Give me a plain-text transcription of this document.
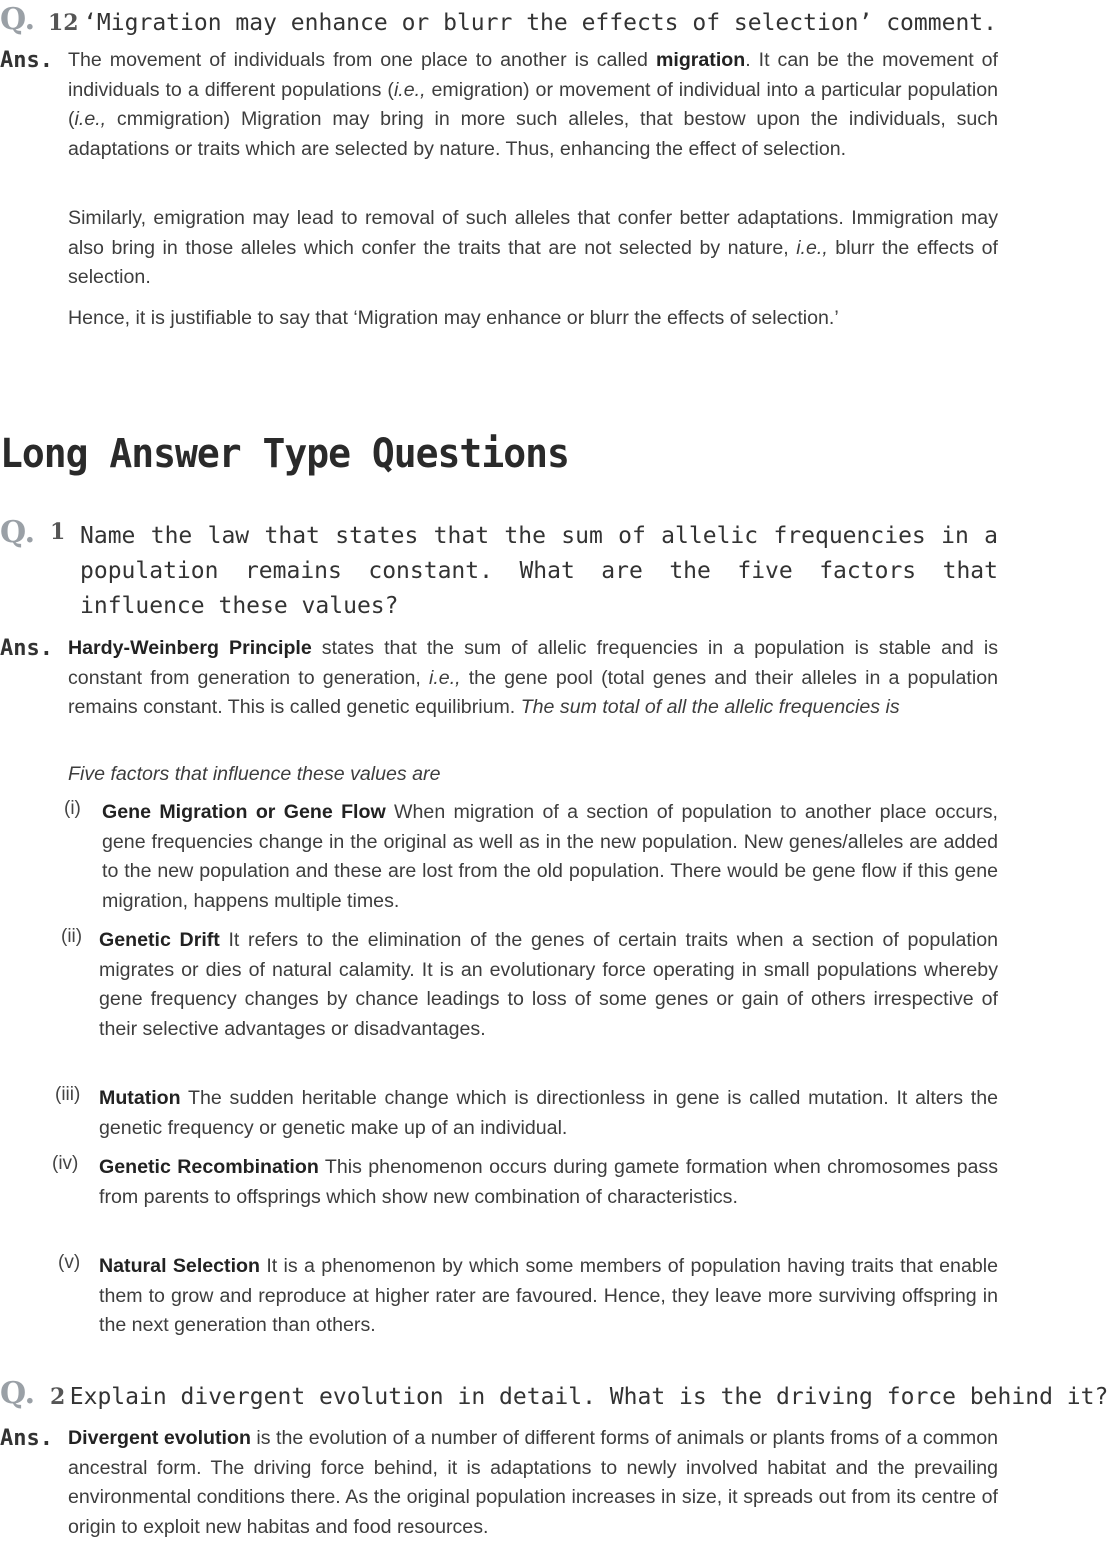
Q. 12 ‘Migration may enhance or blurr the effects of selection’ comment.
Ans. The movement of individuals from one place to another is called migration. It can be the movement of individuals to a different populations (i.e., emigration) or movement of individual into a particular population (i.e., cmmigration) Migration may bring in more such alleles, that bestow upon the individuals, such adaptations or traits which are selected by nature. Thus, enhancing the effect of selection.
Similarly, emigration may lead to removal of such alleles that confer better adaptations. Immigration may also bring in those alleles which confer the traits that are not selected by nature, i.e., blurr the effects of selection.
Hence, it is justifiable to say that ‘Migration may enhance or blurr the effects of selection.’
Long Answer Type Questions
Q. 1 Name the law that states that the sum of allelic frequencies in a population remains constant. What are the five factors that influence these values?
Ans. Hardy-Weinberg Principle states that the sum of allelic frequencies in a population is stable and is constant from generation to generation, i.e., the gene pool (total genes and their alleles in a population remains constant. This is called genetic equilibrium. The sum total of all the allelic frequencies is
Five factors that influence these values are
(i) Gene Migration or Gene Flow When migration of a section of population to another place occurs, gene frequencies change in the original as well as in the new population. New genes/alleles are added to the new population and these are lost from the old population. There would be gene flow if this gene migration, happens multiple times.
(ii) Genetic Drift It refers to the elimination of the genes of certain traits when a section of population migrates or dies of natural calamity. It is an evolutionary force operating in small populations whereby gene frequency changes by chance leadings to loss of some genes or gain of others irrespective of their selective advantages or disadvantages.
(iii) Mutation The sudden heritable change which is directionless in gene is called mutation. It alters the genetic frequency or genetic make up of an individual.
(iv) Genetic Recombination This phenomenon occurs during gamete formation when chromosomes pass from parents to offsprings which show new combination of characteristics.
(v) Natural Selection It is a phenomenon by which some members of population having traits that enable them to grow and reproduce at higher rater are favoured. Hence, they leave more surviving offspring in the next generation than others.
Q. 2 Explain divergent evolution in detail. What is the driving force behind it?
Ans. Divergent evolution is the evolution of a number of different forms of animals or plants froms of a common ancestral form. The driving force behind, it is adaptations to newly involved habitat and the prevailing environmental conditions there. As the original population increases in size, it spreads out from its centre of origin to exploit new habitas and food resources.
